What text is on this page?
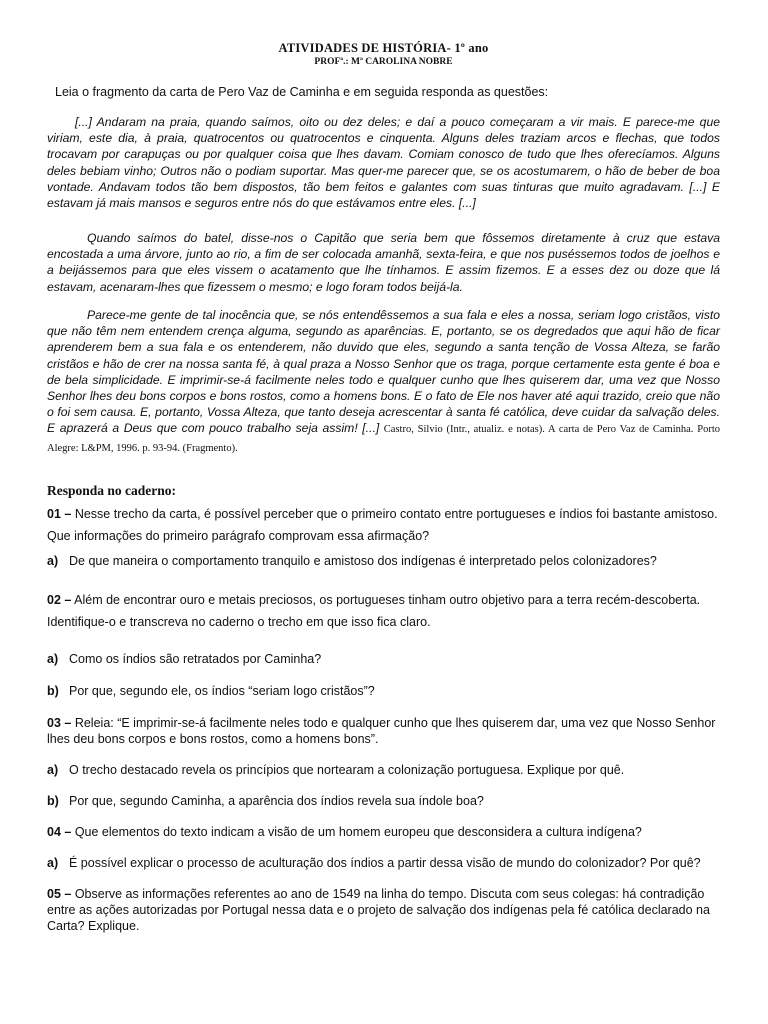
ATIVIDADES DE HISTÓRIA- 1º ano
PROFª.: Mª CAROLINA NOBRE
Leia o fragmento da carta de Pero Vaz de Caminha e em seguida responda as questões:

[...] Andaram na praia, quando saímos, oito ou dez deles; e daí a pouco começaram a vir mais. E parece-me que viriam, este dia, à praia, quatrocentos ou quatrocentos e cinquenta. Alguns deles traziam arcos e flechas, que todos trocavam por carapuças ou por qualquer coisa que lhes davam. Comiam conosco de tudo que lhes oferecíamos. Alguns deles bebiam vinho; Outros não o podiam suportar. Mas quer-me parecer que, se os acostumarem, o hão de beber de boa vontade. Andavam todos tão bem dispostos, tão bem feitos e galantes com suas tinturas que muito agradavam. [...] E estavam já mais mansos e seguros entre nós do que estávamos entre eles. [...]

Quando saímos do batel, disse-nos o Capitão que seria bem que fôssemos diretamente à cruz que estava encostada a uma árvore, junto ao rio, a fim de ser colocada amanhã, sexta-feira, e que nos puséssemos todos de joelhos e a beijássemos para que eles vissem o acatamento que lhe tínhamos. E assim fizemos. E a esses dez ou doze que lá estavam, acenaram-lhes que fizessem o mesmo; e logo foram todos beijá-la.

Parece-me gente de tal inocência que, se nós entendêssemos a sua fala e eles a nossa, seriam logo cristãos, visto que não têm nem entendem crença alguma, segundo as aparências. E, portanto, se os degredados que aqui hão de ficar aprenderem bem a sua fala e os entenderem, não duvido que eles, segundo a santa tenção de Vossa Alteza, se farão cristãos e hão de crer na nossa santa fé, à qual praza a Nosso Senhor que os traga, porque certamente esta gente é boa e de bela simplicidade. E imprimir-se-á facilmente neles todo e qualquer cunho que lhes quiserem dar, uma vez que Nosso Senhor lhes deu bons corpos e bons rostos, como a homens bons. E o fato de Ele nos haver até aqui trazido, creio que não o foi sem causa. E, portanto, Vossa Alteza, que tanto deseja acrescentar à santa fé católica, deve cuidar da salvação deles. E aprazerá a Deus que com pouco trabalho seja assim! [...] Castro, Silvio (Intr., atualiz. e notas). A carta de Pero Vaz de Caminha. Porto Alegre: L&PM, 1996. p. 93-94. (Fragmento).

Responda no caderno:

01 – Nesse trecho da carta, é possível perceber que o primeiro contato entre portugueses e índios foi bastante amistoso. Que informações do primeiro parágrafo comprovam essa afirmação?

a) De que maneira o comportamento tranquilo e amistoso dos indígenas é interpretado pelos colonizadores?

02 – Além de encontrar ouro e metais preciosos, os portugueses tinham outro objetivo para a terra recém-descoberta. Identifique-o e transcreva no caderno o trecho em que isso fica claro.

a) Como os índios são retratados por Caminha?

b) Por que, segundo ele, os índios “seriam logo cristãos”?

03 – Releia: “E imprimir-se-á facilmente neles todo e qualquer cunho que lhes quiserem dar, uma vez que Nosso Senhor lhes deu bons corpos e bons rostos, como a homens bons”.

a) O trecho destacado revela os princípios que nortearam a colonização portuguesa. Explique por quê.

b) Por que, segundo Caminha, a aparência dos índios revela sua índole boa?

04 – Que elementos do texto indicam a visão de um homem europeu que desconsidera a cultura indígena?

a) É possível explicar o processo de aculturação dos índios a partir dessa visão de mundo do colonizador? Por quê?

05 – Observe as informações referentes ao ano de 1549 na linha do tempo. Discuta com seus colegas: há contradição entre as ações autorizadas por Portugal nessa data e o projeto de salvação dos indígenas pela fé católica declarado na Carta? Explique.
